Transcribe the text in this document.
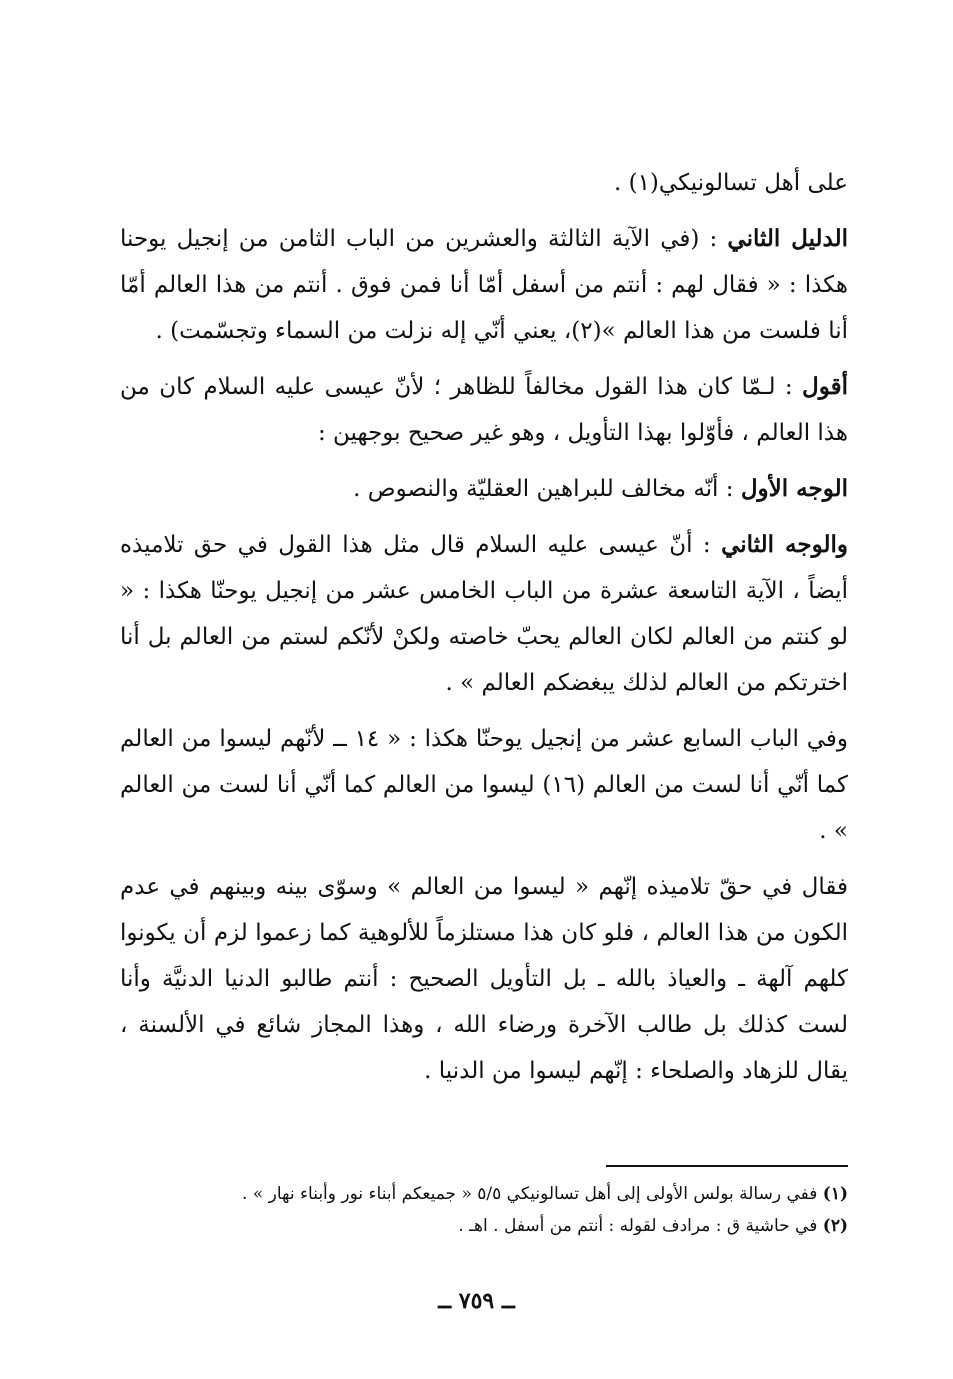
على أهل تسالونيكي(١) .

الدليل الثاني : (في الآية الثالثة والعشرين من الباب الثامن من إنجيل يوحنا هكذا : « فقال لهم : أنتم من أسفل أمّا أنا فمن فوق . أنتم من هذا العالم أمّا أنا فلست من هذا العالم »(٢)، يعني أنّي إله نزلت من السماء وتجسّمت) .

أقول : لـمّا كان هذا القول مخالفاً للظاهر ؛ لأنّ عيسى عليه السلام كان من هذا العالم ، فأوّلوا بهذا التأويل ، وهو غير صحيح بوجهين :

الوجه الأول : أنّه مخالف للبراهين العقليّة والنصوص .

والوجه الثاني : أنّ عيسى عليه السلام قال مثل هذا القول في حق تلاميذه أيضاً ، الآية التاسعة عشرة من الباب الخامس عشر من إنجيل يوحنّا هكذا : « لو كنتم من العالم لكان العالم يحبّ خاصته ولكنْ لأنّكم لستم من العالم بل أنا اخترتكم من العالم لذلك يبغضكم العالم » .

وفي الباب السابع عشر من إنجيل يوحنّا هكذا : « ١٤ ــ لأنّهم ليسوا من العالم كما أنّي أنا لست من العالم (١٦) ليسوا من العالم كما أنّي أنا لست من العالم » .

فقال في حقّ تلاميذه إنّهم « ليسوا من العالم » وسوّى بينه وبينهم في عدم الكون من هذا العالم ، فلو كان هذا مستلزماً للألوهية كما زعموا لزم أن يكونوا كلهم آلهة ـ والعياذ بالله ـ بل التأويل الصحيح : أنتم طالبو الدنيا الدنيَّة وأنا لست كذلك بل طالب الآخرة ورضاء الله ، وهذا المجاز شائع في الألسنة ، يقال للزهاد والصلحاء : إنّهم ليسوا من الدنيا .

(١) ففي رسالة بولس الأولى إلى أهل تسالونيكي ٥/٥ « جميعكم أبناء نور وأبناء نهار » .

(٢) في حاشية ق : مرادف لقوله : أنتم من أسفل . اهـ .

ــ ٧٥٩ ــ
